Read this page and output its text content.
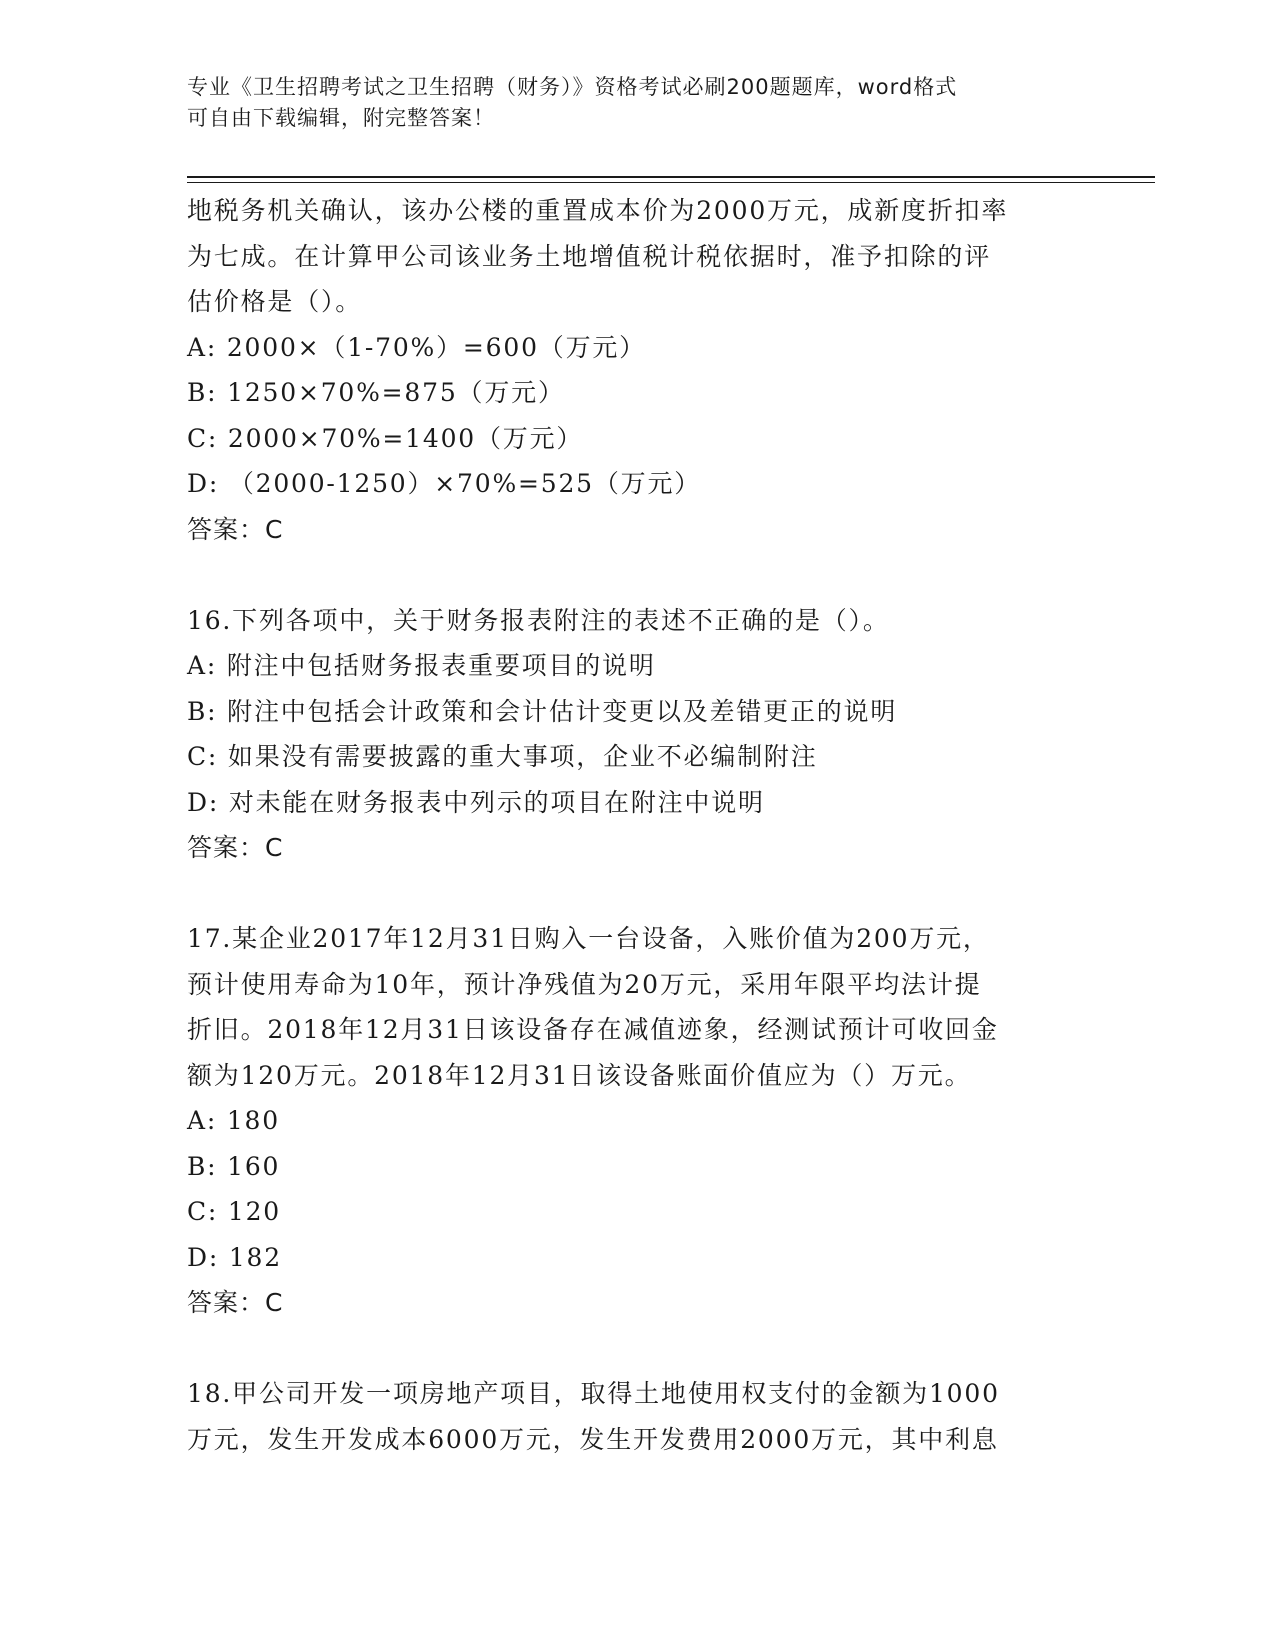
专业《卫生招聘考试之卫生招聘（财务）》资格考试必刷200题题库，word格式
可自由下载编辑，附完整答案！
地税务机关确认，该办公楼的重置成本价为2000万元，成新度折扣率
为七成。在计算甲公司该业务土地增值税计税依据时，准予扣除的评
估价格是（）。
A: 2000×（1-70%）=600（万元）
B: 1250×70%=875（万元）
C: 2000×70%=1400（万元）
D: （2000-1250）×70%=525（万元）
答案：C
16.下列各项中，关于财务报表附注的表述不正确的是（）。
A: 附注中包括财务报表重要项目的说明
B: 附注中包括会计政策和会计估计变更以及差错更正的说明
C: 如果没有需要披露的重大事项，企业不必编制附注
D: 对未能在财务报表中列示的项目在附注中说明
答案：C
17.某企业2017年12月31日购入一台设备，入账价值为200万元，
预计使用寿命为10年，预计净残值为20万元，采用年限平均法计提
折旧。2018年12月31日该设备存在减值迹象，经测试预计可收回金
额为120万元。2018年12月31日该设备账面价值应为（）万元。
A: 180
B: 160
C: 120
D: 182
答案：C
18.甲公司开发一项房地产项目，取得土地使用权支付的金额为1000
万元，发生开发成本6000万元，发生开发费用2000万元，其中利息
